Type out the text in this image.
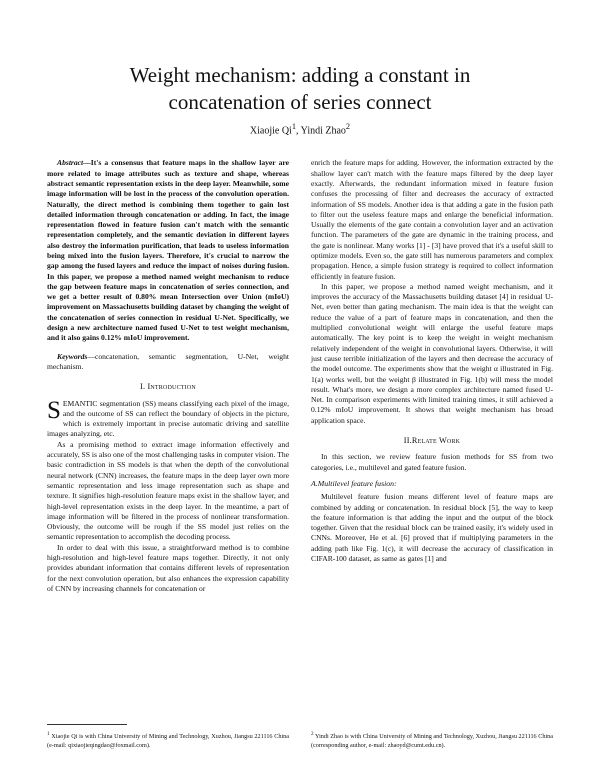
Weight mechanism: adding a constant in
concatenation of series connect
Xiaojie Qi$^1$, Yindi Zhao$^2$

Abstract—It's a consensus that feature maps in the shallow layer are more related to image attributes such as texture and shape, whereas abstract semantic representation exists in the deep layer. Meanwhile, some image information will be lost in the process of the convolution operation. Naturally, the direct method is combining them together to gain lost detailed information through concatenation or adding. In fact, the image representation flowed in feature fusion can't match with the semantic representation completely, and the semantic deviation in different layers also destroy the information purification, that leads to useless information being mixed into the fusion layers. Therefore, it's crucial to narrow the gap among the fused layers and reduce the impact of noises during fusion. In this paper, we propose a method named weight mechanism to reduce the gap between feature maps in concatenation of series connection, and we get a better result of 0.80% mean Intersection over Union (mIoU) improvement on Massachusetts building dataset by changing the weight of the concatenation of series connection in residual U-Net. Specifically, we design a new architecture named fused U-Net to test weight mechanism, and it also gains 0.12% mIoU improvement.

Keywords—concatenation, semantic segmentation, U-Net, weight mechanism.

I. Introduction

SEMANTIC segmentation (SS) means classifying each pixel of the image, and the outcome of SS can reflect the boundary of objects in the picture, which is extremely important in precise automatic driving and satellite images analyzing, etc.

As a promising method to extract image information effectively and accurately, SS is also one of the most challenging tasks in computer vision. The basic contradiction in SS models is that when the depth of the convolutional neural network (CNN) increases, the feature maps in the deep layer own more semantic representation and less image representation such as shape and texture. It signifies high-resolution feature maps exist in the shallow layer, and high-level representation exists in the deep layer. In the meantime, a part of image information will be filtered in the process of nonlinear transformation. Obviously, the outcome will be rough if the SS model just relies on the semantic representation to accomplish the decoding process.

In order to deal with this issue, a straightforward method is to combine high-resolution and high-level feature maps together. Directly, it not only provides abundant information that contains different levels of representation for the next convolution operation, but also enhances the expression capability of CNN by increasing channels for concatenation or

enrich the feature maps for adding. However, the information extracted by the shallow layer can't match with the feature maps filtered by the deep layer exactly. Afterwards, the redundant information mixed in feature fusion confuses the processing of filter and decreases the accuracy of extracted information of SS models. Another idea is that adding a gate in the fusion path to filter out the useless feature maps and enlarge the beneficial information. Usually the elements of the gate contain a convolution layer and an activation function. The parameters of the gate are dynamic in the training process, and the gate is nonlinear. Many works [1] - [3] have proved that it's a useful skill to optimize models. Even so, the gate still has numerous parameters and complex propagation. Hence, a simple fusion strategy is required to collect information efficiently in feature fusion.

In this paper, we propose a method named weight mechanism, and it improves the accuracy of the Massachusetts building dataset [4] in residual U-Net, even better than gating mechanism. The main idea is that the weight can reduce the value of a part of feature maps in concatenation, and then the multiplied convolutional weight will enlarge the useful feature maps automatically. The key point is to keep the weight in weight mechanism relatively independent of the weight in convolutional layers. Otherwise, it will just cause terrible initialization of the layers and then decrease the accuracy of the model outcome. The experiments show that the weight α illustrated in Fig. 1(a) works well, but the weight β illustrated in Fig. 1(b) will mess the model result. What's more, we design a more complex architecture named fused U-Net. In comparison experiments with limited training times, it still achieved a 0.12% mIoU improvement. It shows that weight mechanism has broad application space.

II.Relate Work

In this section, we review feature fusion methods for SS from two categories, i.e., multilevel and gated feature fusion.

A.Multilevel feature fusion:

Multilevel feature fusion means different level of feature maps are combined by adding or concatenation. In residual block [5], the way to keep the feature information is that adding the input and the output of the block together. Given that the residual block can be trained easily, it's widely used in CNNs. Moreover, He et al. [6] proved that if multiplying parameters in the adding path like Fig. 1(c), it will decrease the accuracy of classification in CIFAR-100 dataset, as same as gates [1] and

$^1$ Xiaojie Qi is with China University of Mining and Technology, Xuzhou, Jiangsu 221116 China (e-mail: qixiaojieqingdao@foxmail.com).
$^2$ Yindi Zhao is with China University of Mining and Technology, Xuzhou, Jiangsu 221116 China (corresponding author, e-mail: zhaoyd@cumt.edu.cn).
